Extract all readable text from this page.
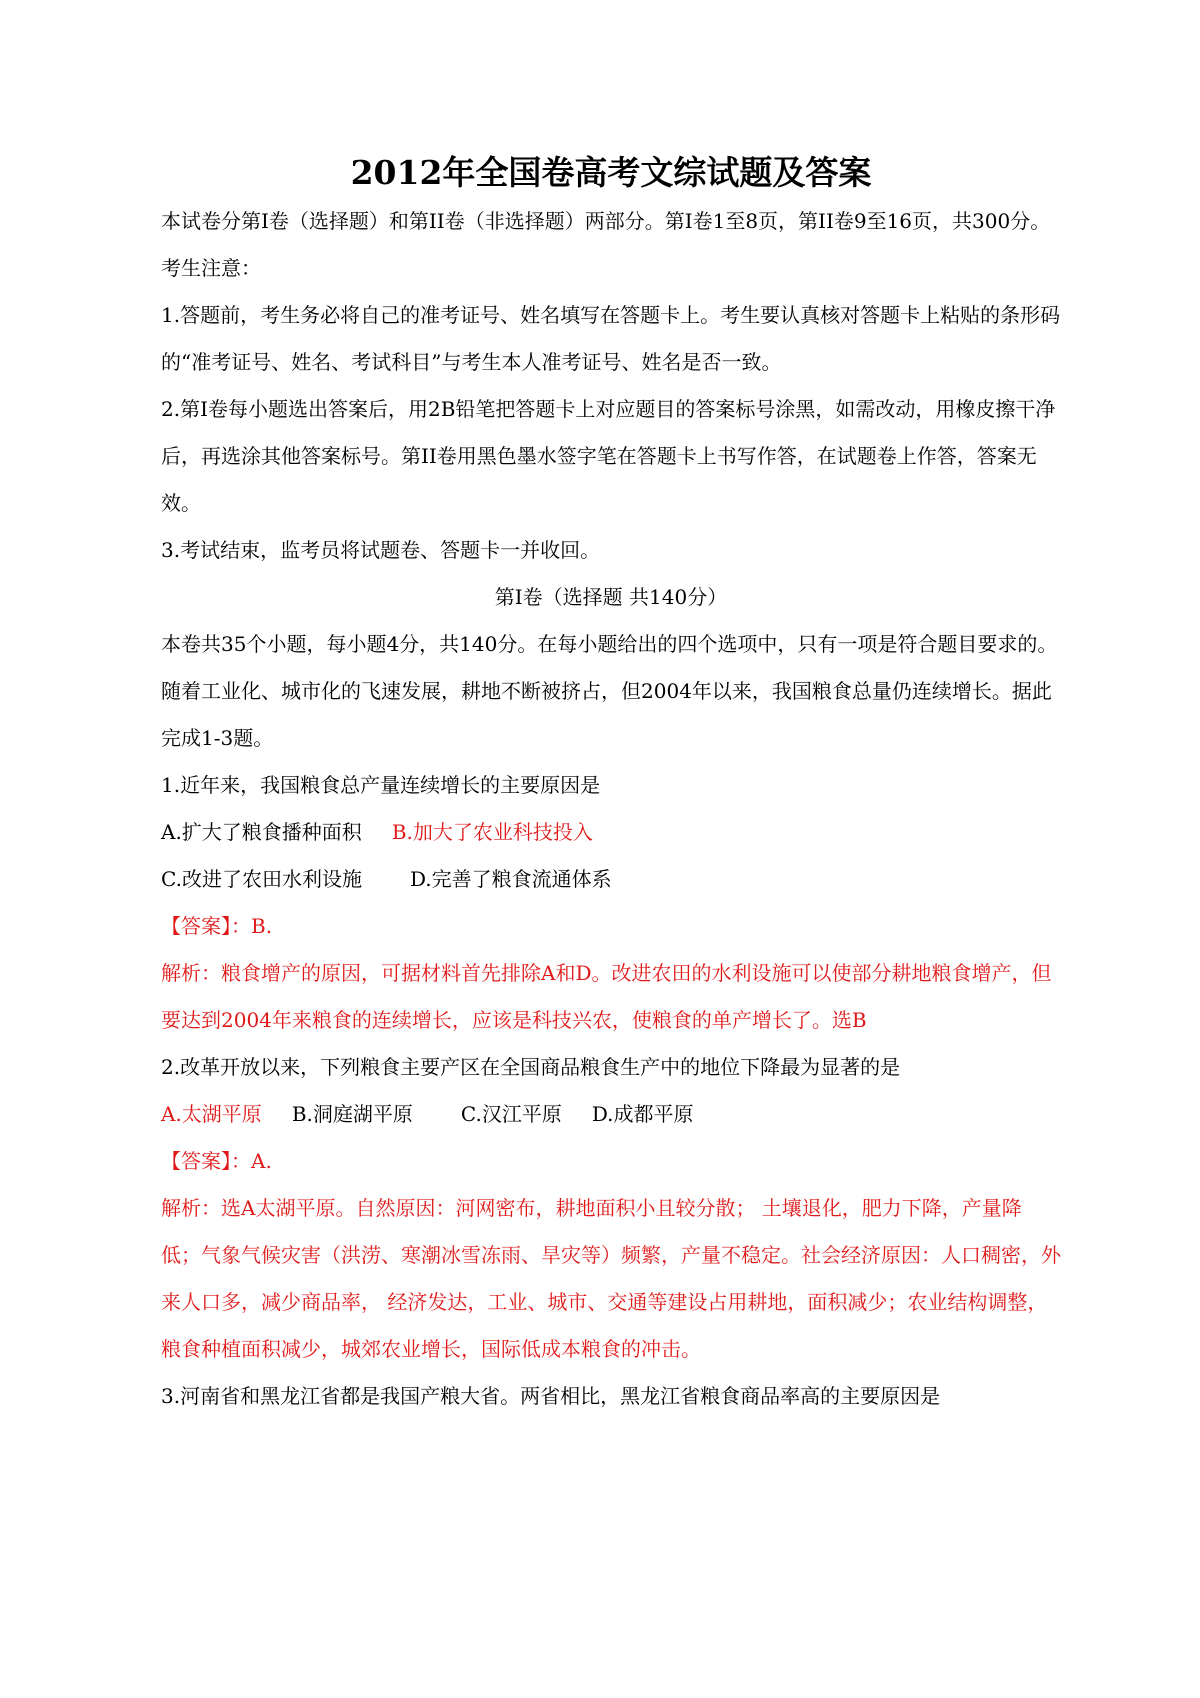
2012年全国卷高考文综试题及答案

本试卷分第I卷（选择题）和第II卷（非选择题）两部分。第I卷1至8页，第II卷9至16页，共300分。

考生注意：

1.答题前，考生务必将自己的准考证号、姓名填写在答题卡上。考生要认真核对答题卡上粘贴的条形码的“准考证号、姓名、考试科目”与考生本人准考证号、姓名是否一致。

2.第I卷每小题选出答案后，用2B铅笔把答题卡上对应题目的答案标号涂黑，如需改动，用橡皮擦干净后，再选涂其他答案标号。第II卷用黑色墨水签字笔在答题卡上书写作答，在试题卷上作答，答案无效。

3.考试结束，监考员将试题卷、答题卡一并收回。

第I卷（选择题 共140分）

本卷共35个小题，每小题4分，共140分。在每小题给出的四个选项中，只有一项是符合题目要求的。

随着工业化、城市化的飞速发展，耕地不断被挤占，但2004年以来，我国粮食总量仍连续增长。据此完成1-3题。

1.近年来，我国粮食总产量连续增长的主要原因是

A.扩大了粮食播种面积 B.加大了农业科技投入

C.改进了农田水利设施 D.完善了粮食流通体系

【答案】：B.

解析：粮食增产的原因，可据材料首先排除A和D。改进农田的水利设施可以使部分耕地粮食增产，但要达到2004年来粮食的连续增长，应该是科技兴农，使粮食的单产增长了。选B

2.改革开放以来，下列粮食主要产区在全国商品粮食生产中的地位下降最为显著的是

A.太湖平原 B.洞庭湖平原 C.汉江平原 D.成都平原

【答案】：A.

解析：选A太湖平原。自然原因：河网密布，耕地面积小且较分散； 土壤退化，肥力下降，产量降低；气象气候灾害（洪涝、寒潮冰雪冻雨、旱灾等）频繁，产量不稳定。社会经济原因：人口稠密，外来人口多，减少商品率， 经济发达，工业、城市、交通等建设占用耕地，面积减少；农业结构调整，粮食种植面积减少，城郊农业增长，国际低成本粮食的冲击。

3.河南省和黑龙江省都是我国产粮大省。两省相比，黑龙江省粮食商品率高的主要原因是
